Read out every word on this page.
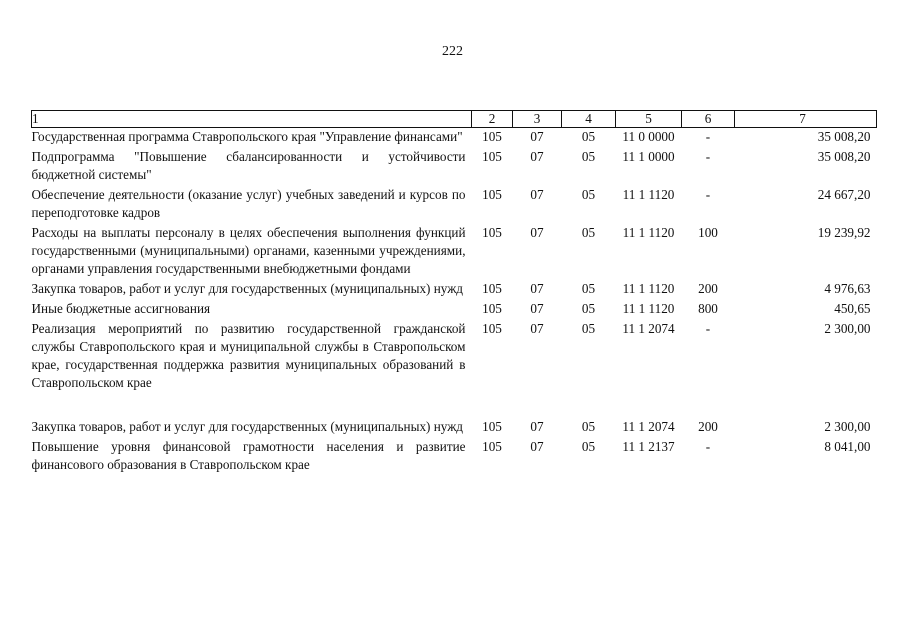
222
1	2	3	4	5	6	7
Государственная программа Ставропольского края "Управление финансами"	105	07	05	11 0 0000	-	35 008,20
Подпрограмма "Повышение сбалансированности и устойчивости бюджетной системы"	105	07	05	11 1 0000	-	35 008,20
Обеспечение деятельности (оказание услуг) учебных заведений и курсов по переподготовке кадров	105	07	05	11 1 1120	-	24 667,20
Расходы на выплаты персоналу в целях обеспечения выполнения функций государственными (муниципальными) органами, казенными учреждениями, органами управления государственными внебюджетными фондами	105	07	05	11 1 1120	100	19 239,92
Закупка товаров, работ и услуг для государственных (муниципальных) нужд	105	07	05	11 1 1120	200	4 976,63
Иные бюджетные ассигнования	105	07	05	11 1 1120	800	450,65
Реализация мероприятий по развитию государственной гражданской службы Ставропольского края и муниципальной службы в Ставропольском крае, государственная поддержка развития муниципальных образований в Ставропольском крае	105	07	05	11 1 2074	-	2 300,00

Закупка товаров, работ и услуг для государственных (муниципальных) нужд	105	07	05	11 1 2074	200	2 300,00
Повышение уровня финансовой грамотности населения и развитие финансового образования в Ставропольском крае	105	07	05	11 1 2137	-	8 041,00
